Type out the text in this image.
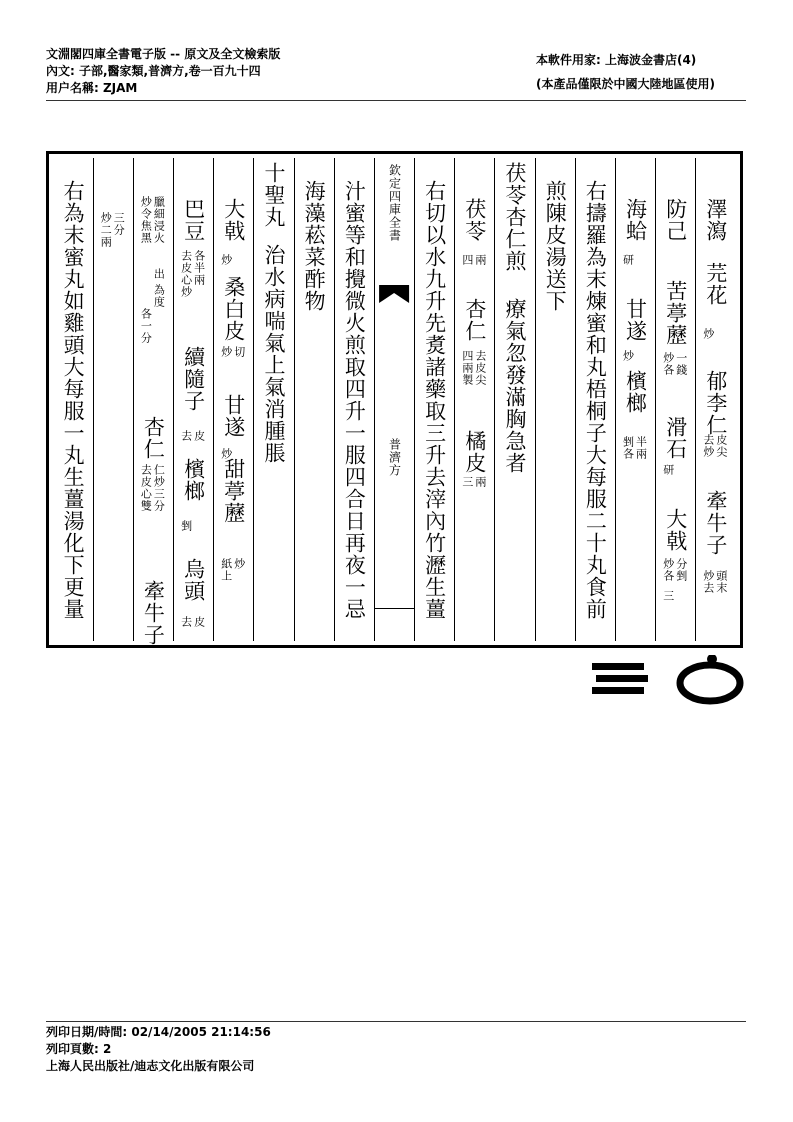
文淵閣四庫全書電子版 -- 原文及全文檢索版
內文: 子部,醫家類,普濟方,卷一百九十四
用户名稱: ZJAM
本軟件用家: 上海波金書店(4)
(本產品僅限於中國大陸地區使用)
澤瀉
芫花
炒
郁李仁
去炒 皮尖
牽牛子
炒去 頭末
防己
苦葶藶
炒各 一錢
滑石
研
大戟
炒各 分剉
三
海蛤
研
甘遂
炒
檳榔
剉各 半兩
右擣羅為末煉蜜和丸梧桐子大每服二十丸食前
煎陳皮湯送下
茯苓杏仁煎
療氣忽發滿胸急者
茯苓
四 兩
杏仁
四兩製 去皮尖
橘皮
三 兩
右切以水九升先煑諸藥取三升去滓內竹瀝生薑
欽定四庫全書
普濟方
汁蜜等和攪微火煎取四升一服四合日再夜一忌
海藻菘菜酢物
十聖丸
治水病喘氣上氣消腫脹
大戟
炒
桑白皮
炒 切
甘遂
炒
甜葶藶
紙上 炒
巴豆
去皮心炒 各半兩
續隨子
去 皮
檳榔
剉
烏頭
去 皮
炒令焦黑 臘細浸火
各一分
為度
出
杏仁
去皮心雙 仁炒三分
牽牛子
炒二兩 三分
右為末蜜丸如雞頭大每服一丸生薑湯化下更量
列印日期/時間: 02/14/2005 21:14:56
列印頁數: 2
上海人民出版社/迪志文化出版有限公司
